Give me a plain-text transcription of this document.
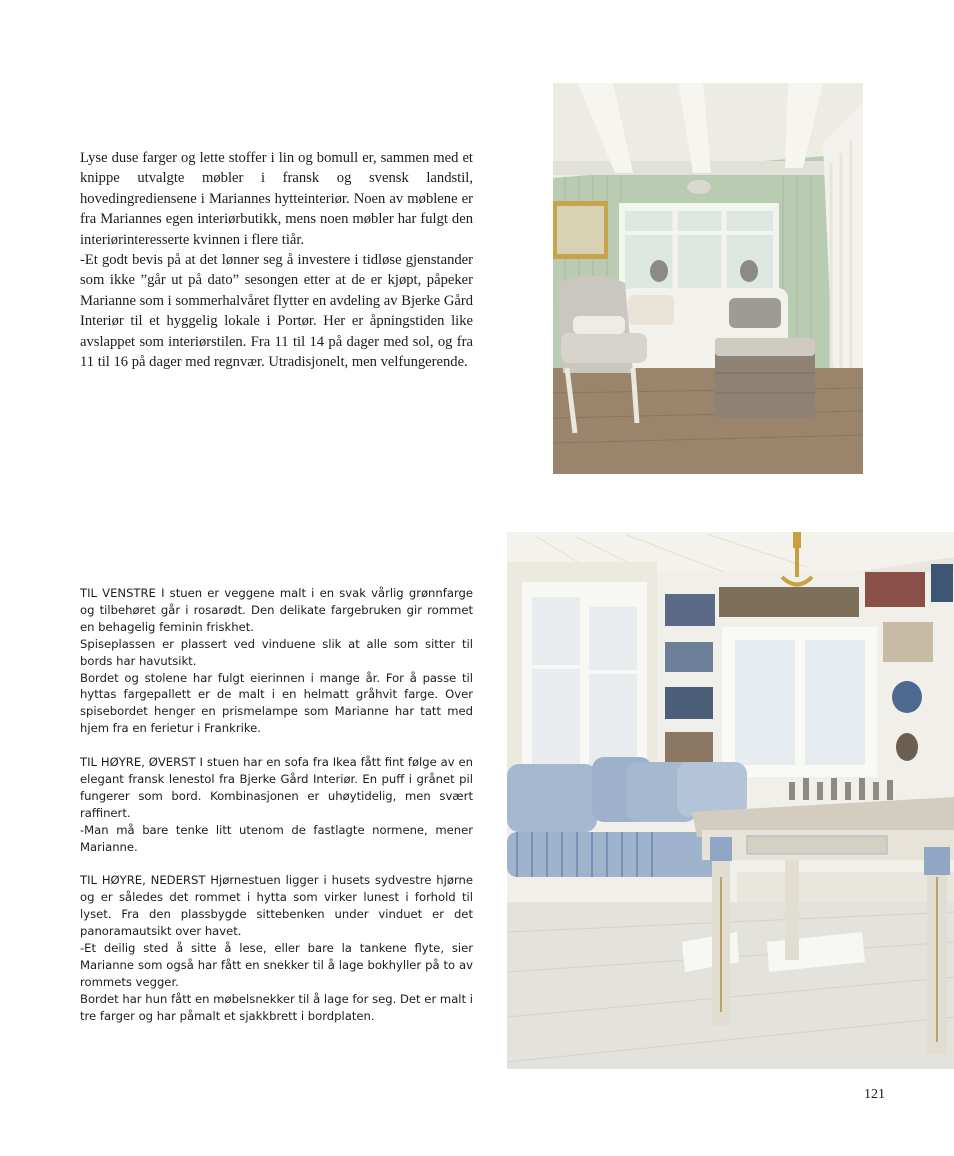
Lyse duse farger og lette stoffer i lin og bomull er, sammen med et knippe utvalgte møbler i fransk og svensk landstil, hovedingrediensene i Mariannes hytteinteriør. Noen av møblene er fra Mariannes egen interiørbutikk, mens noen møbler har fulgt den interiørinteresserte kvinnen i flere tiår.

-Et godt bevis på at det lønner seg å investere i tidløse gjenstander som ikke ”går ut på dato” sesongen etter at de er kjøpt, påpeker Marianne som i sommerhalvåret flytter en avdeling av Bjerke Gård Interiør til et hyggelig lokale i Portør. Her er åpningstiden like avslappet som interiørstilen. Fra 11 til 14 på dager med sol, og fra 11 til 16 på dager med regnvær. Utradisjonelt, men velfungerende.

TIL VENSTRE I stuen er veggene malt i en svak vårlig grønnfarge og tilbehøret går i rosarødt. Den delikate fargebruken gir rommet en behagelig feminin friskhet.

Spiseplassen er plassert ved vinduene slik at alle som sitter til bords har havutsikt.

Bordet og stolene har fulgt eierinnen i mange år. For å passe til hyttas fargepallett er de malt i en helmatt gråhvit farge. Over spisebordet henger en prismelampe som Marianne har tatt med hjem fra en ferietur i Frankrike.

TIL HØYRE, ØVERST I stuen har en sofa fra Ikea fått fint følge av en elegant fransk lenestol fra Bjerke Gård Interiør. En puff i grånet pil fungerer som bord. Kombinasjonen er uhøytidelig, men svært raffinert.

-Man må bare tenke litt utenom de fastlagte normene, mener Marianne.

TIL HØYRE, NEDERST Hjørnestuen ligger i husets sydvestre hjørne og er således det rommet i hytta som virker lunest i forhold til lyset. Fra den plassbygde sittebenken under vinduet er det panoramautsikt over havet.

-Et deilig sted å sitte å lese, eller bare la tankene flyte, sier Marianne som også har fått en snekker til å lage bokhyller på to av rommets vegger.

Bordet har hun fått en møbelsnekker til å lage for seg. Det er malt i tre farger og har påmalt et sjakkbrett i bordplaten.

121
